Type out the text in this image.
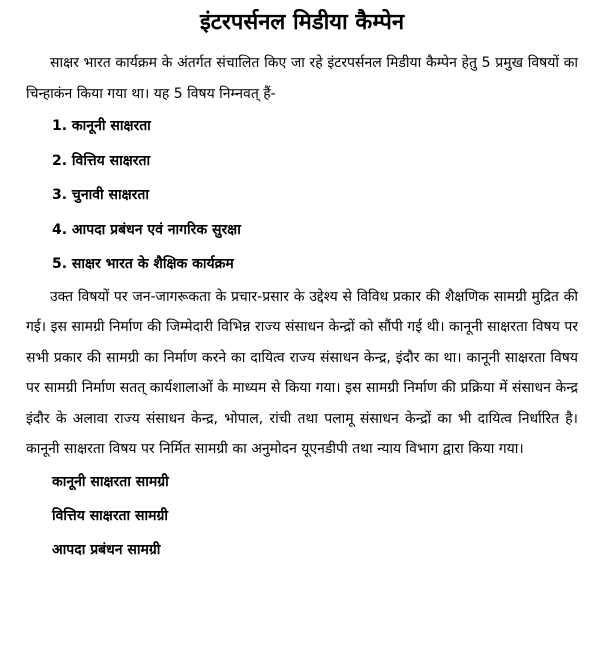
इंटरपर्सनल मिडीया कैम्पेन

साक्षर भारत कार्यक्रम के अंतर्गत संचालित किए जा रहे इंटरपर्सनल मिडीया कैम्पेन हेतु 5 प्रमुख विषयों का चिन्हाकंन किया गया था। यह 5 विषय निम्नवत् हैं-

1. कानूनी साक्षरता
2. वित्तिय साक्षरता
3. चुनावी साक्षरता
4. आपदा प्रबंधन एवं नागरिक सुरक्षा
5. साक्षर भारत के शैक्षिक कार्यक्रम

उक्त विषयों पर जन-जागरूकता के प्रचार-प्रसार के उद्देश्य से विविध प्रकार की शैक्षणिक सामग्री मुद्रित की गई। इस सामग्री निर्माण की जिम्मेदारी विभिन्न राज्य संसाधन केन्द्रों को सौंपी गई थी। कानूनी साक्षरता विषय पर सभी प्रकार की सामग्री का निर्माण करने का दायित्व राज्य संसाधन केन्द्र, इंदौर का था। कानूनी साक्षरता विषय पर सामग्री निर्माण सतत् कार्यशालाओं के माध्यम से किया गया। इस सामग्री निर्माण की प्रक्रिया में संसाधन केन्द्र इंदौर के अलावा राज्य संसाधन केन्द्र, भोपाल, रांची तथा पलामू संसाधन केन्द्रों का भी दायित्व निर्धारित है। कानूनी साक्षरता विषय पर निर्मित सामग्री का अनुमोदन यूएनडीपी तथा न्याय विभाग द्वारा किया गया।

कानूनी साक्षरता सामग्री
वित्तिय साक्षरता सामग्री
आपदा प्रबंधन सामग्री
